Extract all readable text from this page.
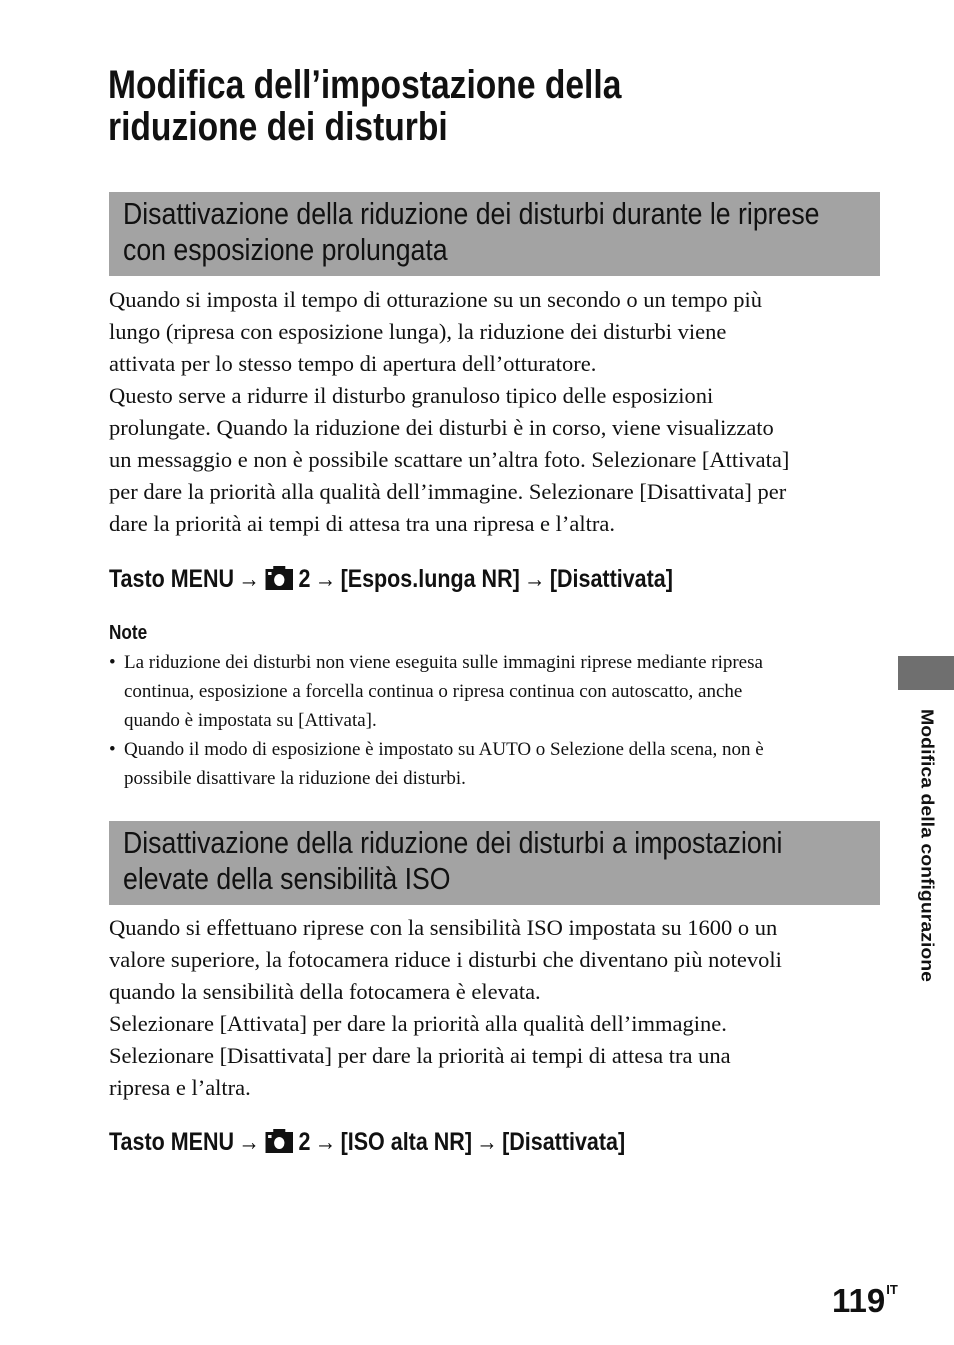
Modifica dell’impostazione della
riduzione dei disturbi
Disattivazione della riduzione dei disturbi durante le riprese
con esposizione prolungata
Quando si imposta il tempo di otturazione su un secondo o un tempo più
lungo (ripresa con esposizione lunga), la riduzione dei disturbi viene
attivata per lo stesso tempo di apertura dell’otturatore.
Questo serve a ridurre il disturbo granuloso tipico delle esposizioni
prolungate. Quando la riduzione dei disturbi è in corso, viene visualizzato
un messaggio e non è possibile scattare un’altra foto. Selezionare [Attivata]
per dare la priorità alla qualità dell’immagine. Selezionare [Disattivata] per
dare la priorità ai tempi di attesa tra una ripresa e l’altra.
Tasto MENU → 2 → [Espos.lunga NR] → [Disattivata]
Note
• La riduzione dei disturbi non viene eseguita sulle immagini riprese mediante ripresa
continua, esposizione a forcella continua o ripresa continua con autoscatto, anche
quando è impostata su [Attivata].
• Quando il modo di esposizione è impostato su AUTO o Selezione della scena, non è
possibile disattivare la riduzione dei disturbi.
Disattivazione della riduzione dei disturbi a impostazioni
elevate della sensibilità ISO
Quando si effettuano riprese con la sensibilità ISO impostata su 1600 o un
valore superiore, la fotocamera riduce i disturbi che diventano più notevoli
quando la sensibilità della fotocamera è elevata.
Selezionare [Attivata] per dare la priorità alla qualità dell’immagine.
Selezionare [Disattivata] per dare la priorità ai tempi di attesa tra una
ripresa e l’altra.
Tasto MENU → 2 → [ISO alta NR] → [Disattivata]
Modifica della configurazione
$119^{IT}$
